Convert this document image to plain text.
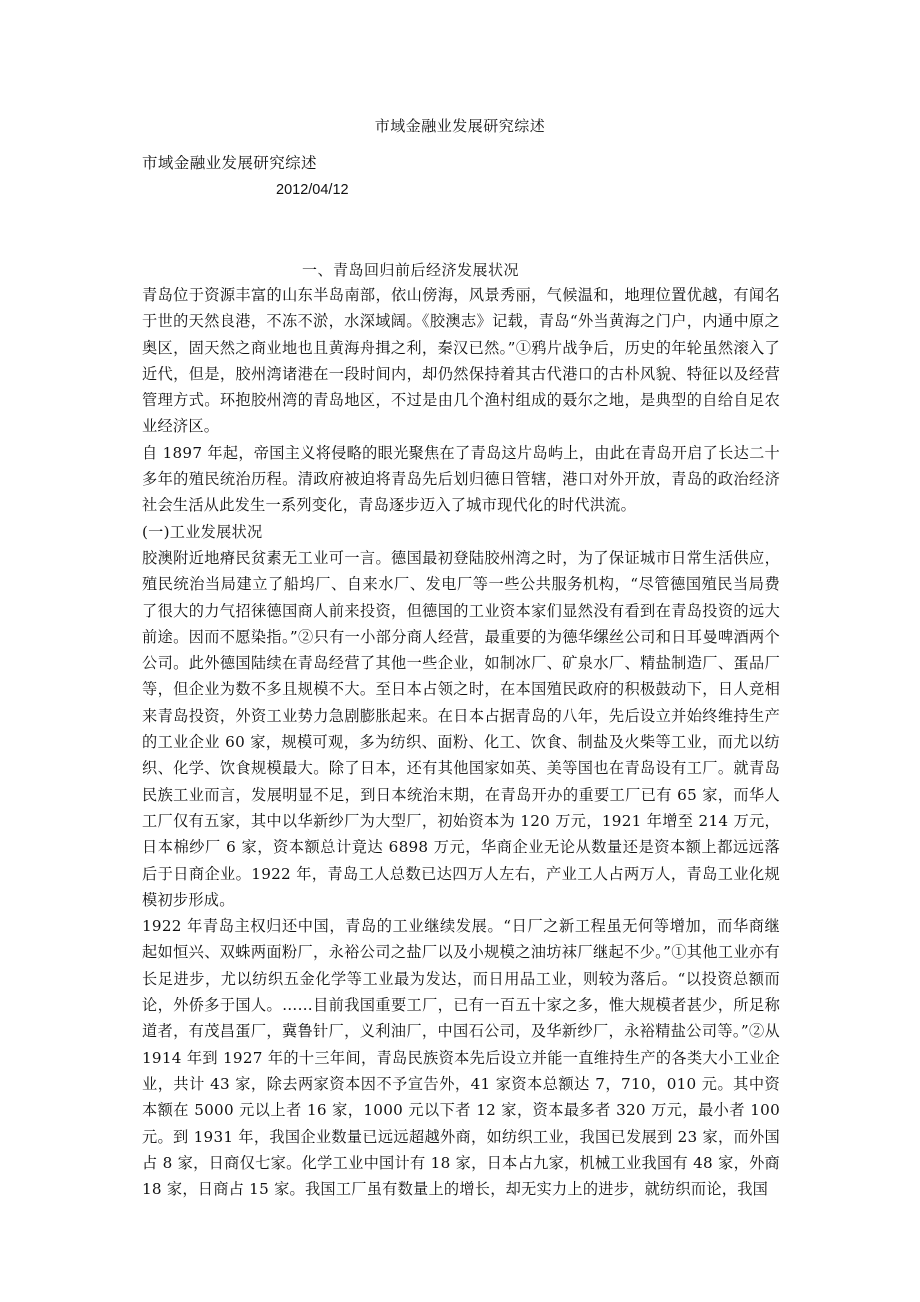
市域金融业发展研究综述
市域金融业发展研究综述
2012/04/12
一、青岛回归前后经济发展状况

青岛位于资源丰富的山东半岛南部，依山傍海，风景秀丽，气候温和，地理位置优越，有闻名于世的天然良港，不冻不淤，水深域阔。《胶澳志》记载，青岛“外当黄海之门户，内通中原之奥区，固天然之商业地也且黄海舟揖之利，秦汉已然。”①鸦片战争后，历史的年轮虽然滚入了近代，但是，胶州湾诸港在一段时间内，却仍然保持着其古代港口的古朴风貌、特征以及经营管理方式。环抱胶州湾的青岛地区，不过是由几个渔村组成的聂尔之地，是典型的自给自足农业经济区。

自 1897 年起，帝国主义将侵略的眼光聚焦在了青岛这片岛屿上，由此在青岛开启了长达二十多年的殖民统治历程。清政府被迫将青岛先后划归德日管辖，港口对外开放，青岛的政治经济社会生活从此发生一系列变化，青岛逐步迈入了城市现代化的时代洪流。

(一)工业发展状况

胶澳附近地瘠民贫素无工业可一言。德国最初登陆胶州湾之时，为了保证城市日常生活供应，殖民统治当局建立了船坞厂、自来水厂、发电厂等一些公共服务机构，“尽管德国殖民当局费了很大的力气招徕德国商人前来投资，但德国的工业资本家们显然没有看到在青岛投资的远大前途。因而不愿染指。”②只有一小部分商人经营，最重要的为德华缧丝公司和日耳曼啤酒两个公司。此外德国陆续在青岛经营了其他一些企业，如制冰厂、矿泉水厂、精盐制造厂、蛋品厂等，但企业为数不多且规模不大。至日本占领之时，在本国殖民政府的积极鼓动下，日人竞相来青岛投资，外资工业势力急剧膨胀起来。在日本占据青岛的八年，先后设立并始终维持生产的工业企业 60 家，规模可观，多为纺织、面粉、化工、饮食、制盐及火柴等工业，而尤以纺织、化学、饮食规模最大。除了日本，还有其他国家如英、美等国也在青岛设有工厂。就青岛民族工业而言，发展明显不足，到日本统治末期，在青岛开办的重要工厂已有 65 家，而华人工厂仅有五家，其中以华新纱厂为大型厂，初始资本为 120 万元，1921 年增至 214 万元，日本棉纱厂 6 家，资本额总计竟达 6898 万元，华商企业无论从数量还是资本额上都远远落后于日商企业。1922 年，青岛工人总数已达四万人左右，产业工人占两万人，青岛工业化规模初步形成。

1922 年青岛主权归还中国，青岛的工业继续发展。“日厂之新工程虽无何等增加，而华商继起如恒兴、双蛛两面粉厂，永裕公司之盐厂以及小规模之油坊袜厂继起不少。”①其他工业亦有长足进步，尤以纺织五金化学等工业最为发达，而日用品工业，则较为落后。“以投资总额而论，外侨多于国人。……目前我国重要工厂，已有一百五十家之多，惟大规模者甚少，所足称道者，有茂昌蛋厂，冀鲁针厂，义利油厂，中国石公司，及华新纱厂，永裕精盐公司等。”②从 1914 年到 1927 年的十三年间，青岛民族资本先后设立并能一直维持生产的各类大小工业企业，共计 43 家，除去两家资本因不予宣告外，41 家资本总额达 7，710，010 元。其中资本额在 5000 元以上者 16 家，1000 元以下者 12 家，资本最多者 320 万元，最小者 100 元。到 1931 年，我国企业数量已远远超越外商，如纺织工业，我国已发展到 23 家，而外国占 8 家，日商仅七家。化学工业中国计有 18 家，日本占九家，机械工业我国有 48 家，外商 18 家，日商占 15 家。我国工厂虽有数量上的增长，却无实力上的进步，就纺织而论，我国
